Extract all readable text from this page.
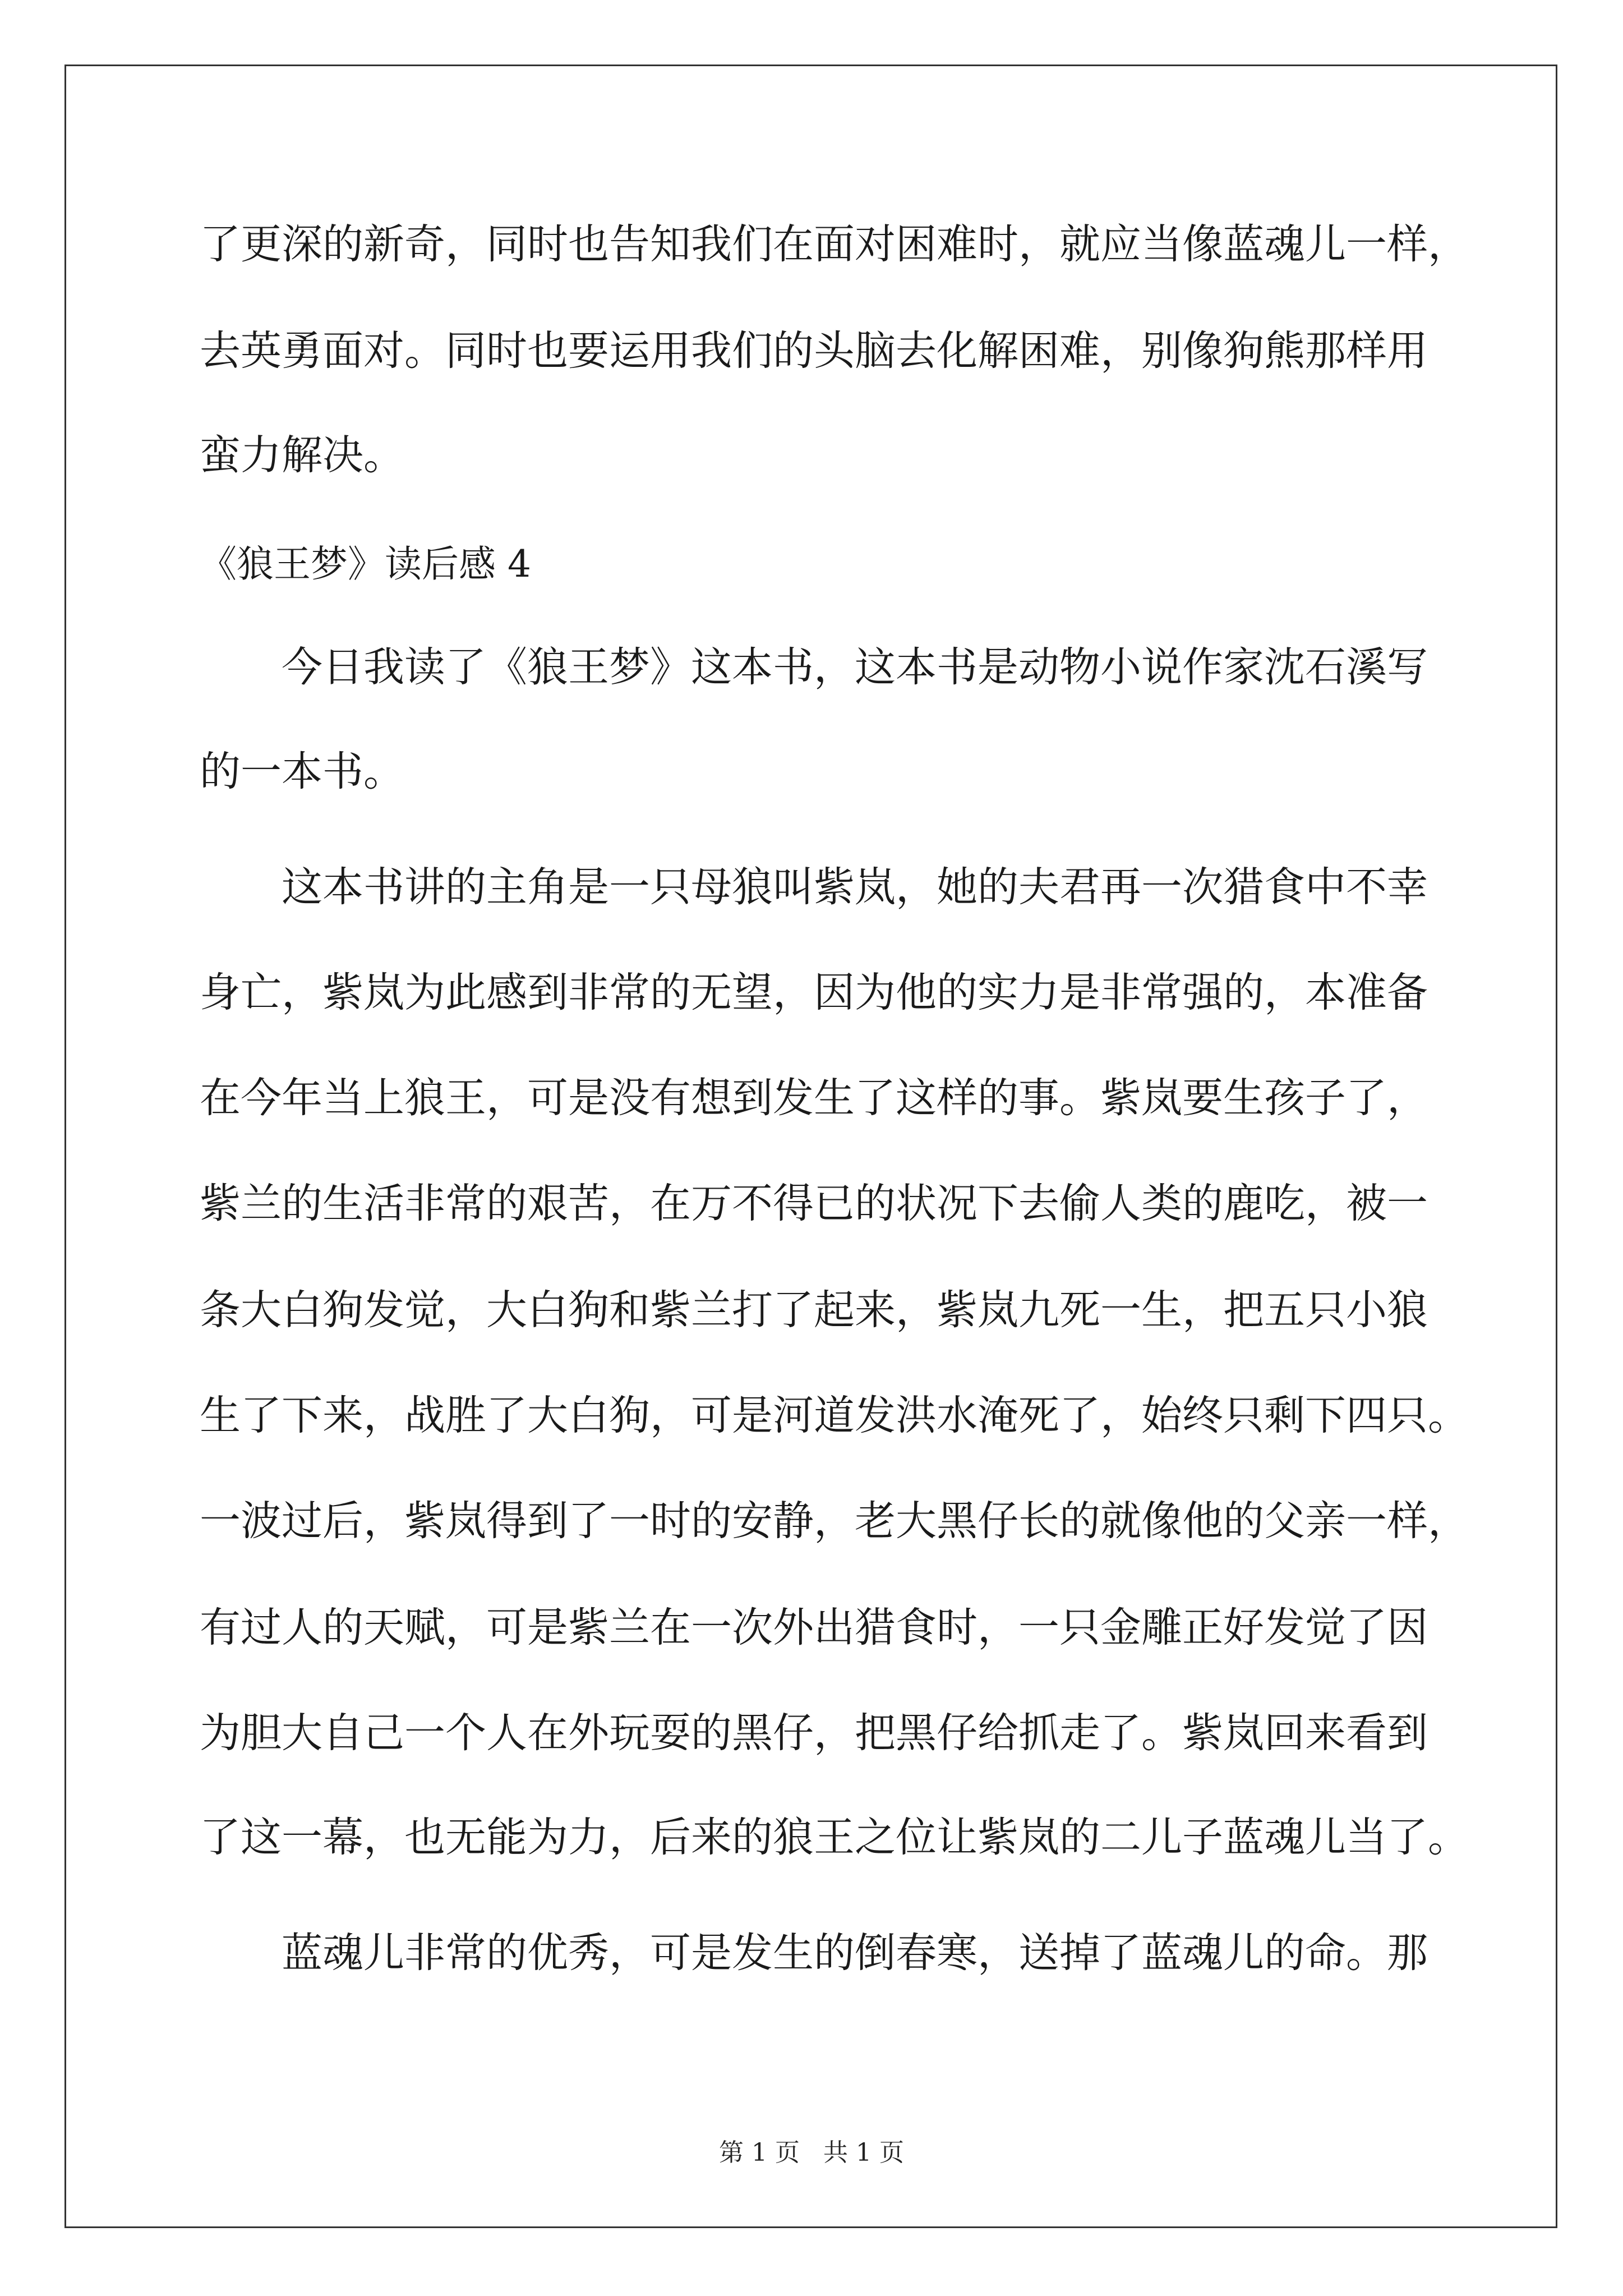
了更深的新奇，同时也告知我们在面对困难时，就应当像蓝魂儿一样，
去英勇面对。同时也要运用我们的头脑去化解困难，别像狗熊那样用
蛮力解决。
《狼王梦》读后感 4
今日我读了《狼王梦》这本书，这本书是动物小说作家沈石溪写
的一本书。
这本书讲的主角是一只母狼叫紫岚，她的夫君再一次猎食中不幸
身亡，紫岚为此感到非常的无望，因为他的实力是非常强的，本准备
在今年当上狼王，可是没有想到发生了这样的事。紫岚要生孩子了，
紫兰的生活非常的艰苦，在万不得已的状况下去偷人类的鹿吃，被一
条大白狗发觉，大白狗和紫兰打了起来，紫岚九死一生，把五只小狼
生了下来，战胜了大白狗，可是河道发洪水淹死了，始终只剩下四只。
一波过后，紫岚得到了一时的安静，老大黑仔长的就像他的父亲一样，
有过人的天赋，可是紫兰在一次外出猎食时，一只金雕正好发觉了因
为胆大自己一个人在外玩耍的黑仔，把黑仔给抓走了。紫岚回来看到
了这一幕，也无能为力，后来的狼王之位让紫岚的二儿子蓝魂儿当了。
蓝魂儿非常的优秀，可是发生的倒春寒，送掉了蓝魂儿的命。那
第 1 页 共 1 页
